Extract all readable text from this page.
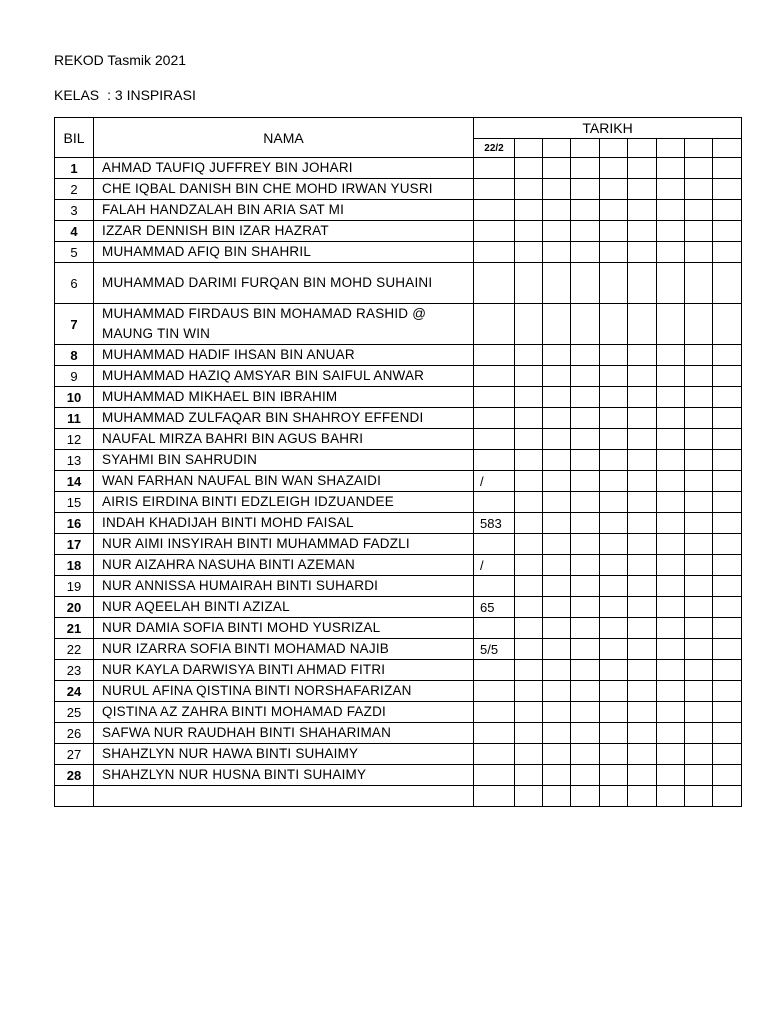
REKOD Tasmik 2021
KELAS : 3 INSPIRASI
BIL	NAMA	TARIKH								
		22/2								
1	AHMAD TAUFIQ JUFFREY BIN JOHARI									
2	CHE IQBAL DANISH BIN CHE MOHD IRWAN YUSRI									
3	FALAH HANDZALAH BIN ARIA SAT MI									
4	IZZAR DENNISH BIN IZAR HAZRAT									
5	MUHAMMAD AFIQ BIN SHAHRIL									
6	MUHAMMAD DARIMI FURQAN BIN MOHD SUHAINI									
7	MUHAMMAD FIRDAUS BIN MOHAMAD RASHID @ MAUNG TIN WIN									
8	MUHAMMAD HADIF IHSAN BIN ANUAR									
9	MUHAMMAD HAZIQ AMSYAR BIN SAIFUL ANWAR									
10	MUHAMMAD MIKHAEL BIN IBRAHIM									
11	MUHAMMAD ZULFAQAR BIN SHAHROY EFFENDI									
12	NAUFAL MIRZA BAHRI BIN AGUS BAHRI									
13	SYAHMI BIN SAHRUDIN									
14	WAN FARHAN NAUFAL BIN WAN SHAZAIDI	/								
15	AIRIS EIRDINA BINTI EDZLEIGH IDZUANDEE									
16	INDAH KHADIJAH BINTI MOHD FAISAL	583								
17	NUR AIMI INSYIRAH BINTI MUHAMMAD FADZLI									
18	NUR AIZAHRA NASUHA BINTI AZEMAN	/								
19	NUR ANNISSA HUMAIRAH BINTI SUHARDI									
20	NUR AQEELAH BINTI AZIZAL	65								
21	NUR DAMIA SOFIA BINTI MOHD YUSRIZAL									
22	NUR IZARRA SOFIA BINTI MOHAMAD NAJIB	5/5								
23	NUR KAYLA DARWISYA BINTI AHMAD FITRI									
24	NURUL AFINA QISTINA BINTI NORSHAFARIZAN									
25	QISTINA AZ ZAHRA BINTI MOHAMAD FAZDI									
26	SAFWA NUR RAUDHAH BINTI SHAHARIMAN									
27	SHAHZLYN NUR HAWA BINTI SUHAIMY									
28	SHAHZLYN NUR HUSNA BINTI SUHAIMY									
